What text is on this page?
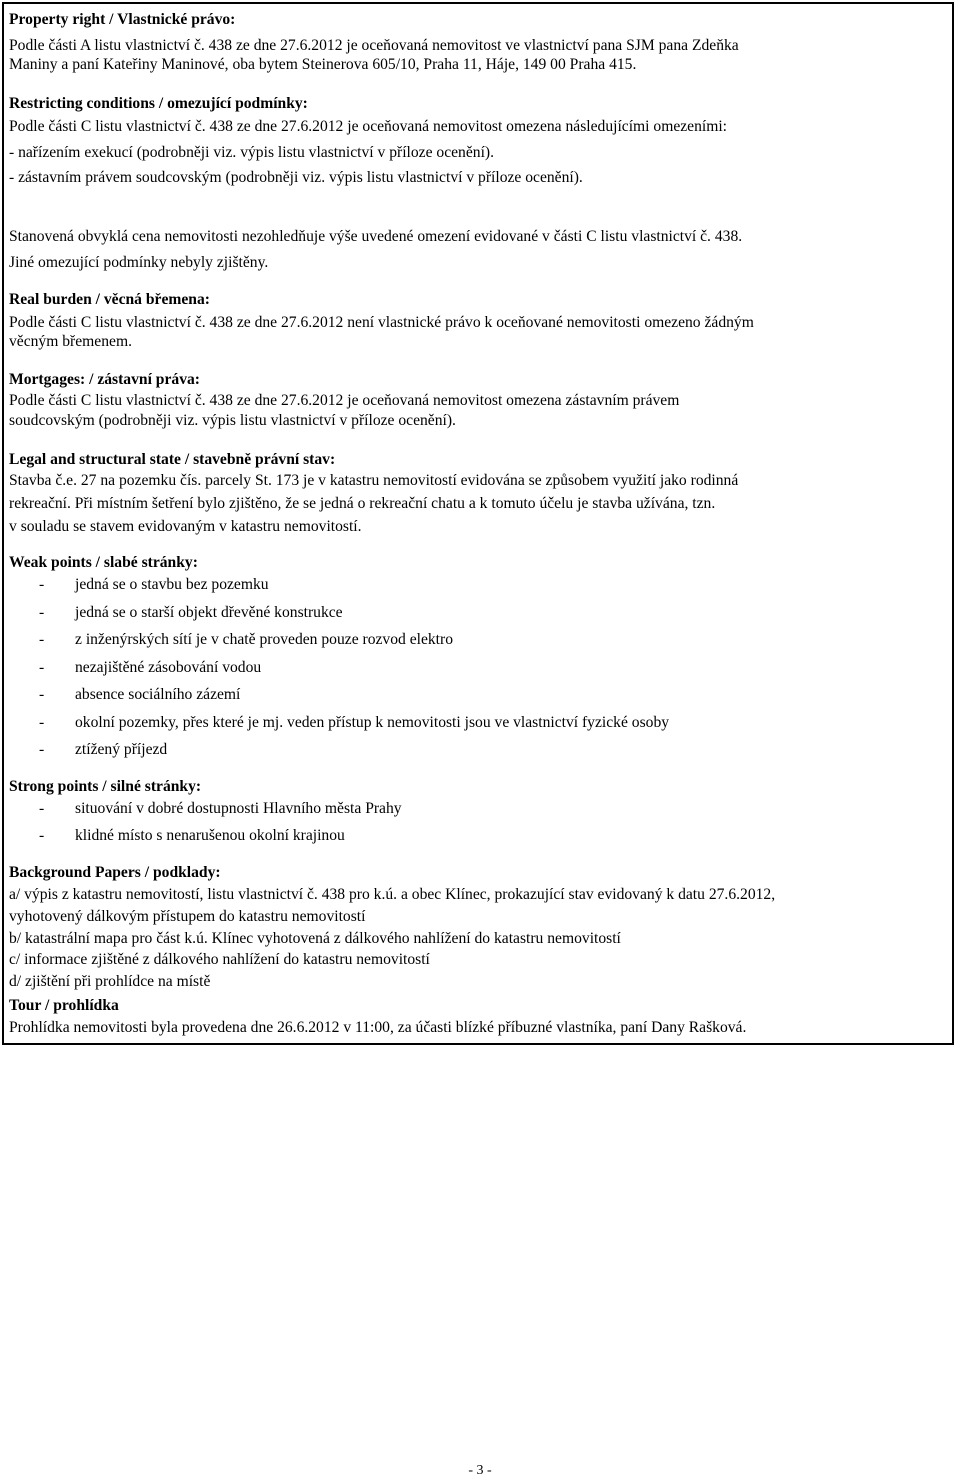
Property right / Vlastnické právo:
Podle části A listu vlastnictví č. 438 ze dne 27.6.2012 je oceňovaná nemovitost ve vlastnictví pana SJM pana Zdeňka
Maniny a paní Kateřiny Maninové, oba bytem Steinerova 605/10, Praha 11, Háje, 149 00 Praha 415.
Restricting conditions / omezující podmínky:
Podle části C listu vlastnictví č. 438 ze dne 27.6.2012 je oceňovaná nemovitost omezena následujícími omezeními:
- nařízením exekucí (podrobněji viz. výpis listu vlastnictví v příloze ocenění).
- zástavním právem soudcovským (podrobněji viz. výpis listu vlastnictví v příloze ocenění).
Stanovená obvyklá cena nemovitosti nezohledňuje výše uvedené omezení evidované v části C listu vlastnictví č. 438.
Jiné omezující podmínky nebyly zjištěny.
Real burden / věcná břemena:
Podle části C listu vlastnictví č. 438 ze dne 27.6.2012 není vlastnické právo k oceňované nemovitosti omezeno žádným
věcným břemenem.
Mortgages: / zástavní práva:
Podle části C listu vlastnictví č. 438 ze dne 27.6.2012 je oceňovaná nemovitost omezena zástavním právem
soudcovským (podrobněji viz. výpis listu vlastnictví v příloze ocenění).
Legal and structural state / stavebně právní stav:
Stavba č.e. 27 na pozemku čís. parcely St. 173 je v katastru nemovitostí evidována se způsobem využití jako rodinná
rekreační. Při místním šetření bylo zjištěno, že se jedná o rekreační chatu a k tomuto účelu je stavba užívána, tzn.
v souladu se stavem evidovaným v katastru nemovitostí.
Weak points / slabé stránky:
- jedná se o stavbu bez pozemku
- jedná se o starší objekt dřevěné konstrukce
- z inženýrských sítí je v chatě proveden pouze rozvod elektro
- nezajištěné zásobování vodou
- absence sociálního zázemí
- okolní pozemky, přes které je mj. veden přístup k nemovitosti jsou ve vlastnictví fyzické osoby
- ztížený příjezd
Strong points / silné stránky:
- situování v dobré dostupnosti Hlavního města Prahy
- klidné místo s nenarušenou okolní krajinou
Background Papers / podklady:
a/ výpis z katastru nemovitostí, listu vlastnictví č. 438 pro k.ú. a obec Klínec, prokazující stav evidovaný k datu 27.6.2012,
vyhotovený dálkovým přístupem do katastru nemovitostí
b/ katastrální mapa pro část k.ú. Klínec vyhotovená z dálkového nahlížení do katastru nemovitostí
c/ informace zjištěné z dálkového nahlížení do katastru nemovitostí
d/ zjištění při prohlídce na místě
Tour / prohlídka
Prohlídka nemovitosti byla provedena dne 26.6.2012 v 11:00, za účasti blízké příbuzné vlastníka, paní Dany Rašková.
- 3 -
